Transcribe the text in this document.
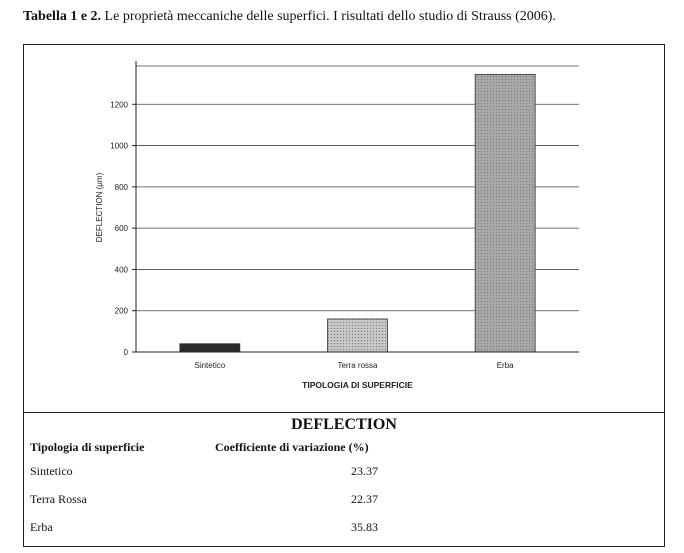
Tabella 1 e 2. Le proprietà meccaniche delle superfici. I risultati dello studio di Strauss (2006).
0
200
400
600
800
1000
1200
Sintetico	Terra rossa	Erba
DEFLECTION (µm)
TIPOLOGIA DI SUPERFICIE
DEFLECTION
Tipologia di superficie	Coefficiente di variazione (%)
Sintetico	23.37
Terra Rossa	22.37
Erba	35.83
